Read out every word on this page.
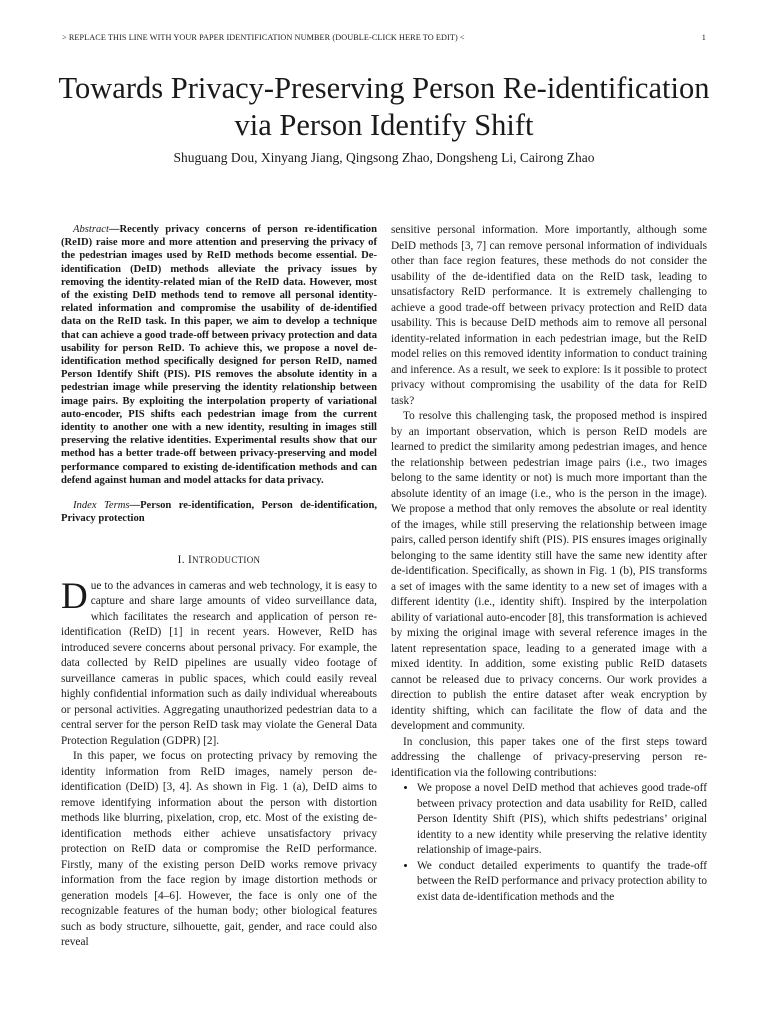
> REPLACE THIS LINE WITH YOUR PAPER IDENTIFICATION NUMBER (DOUBLE-CLICK HERE TO EDIT) <	1
Towards Privacy-Preserving Person Re-identification
via Person Identify Shift
Shuguang Dou, Xinyang Jiang, Qingsong Zhao, Dongsheng Li, Cairong Zhao

Abstract—Recently privacy concerns of person re-identification (ReID) raise more and more attention and preserving the privacy of the pedestrian images used by ReID methods become essential. De-identification (DeID) methods alleviate the privacy issues by removing the identity-related mian of the ReID data. However, most of the existing DeID methods tend to remove all personal identity-related information and compromise the usability of de-identified data on the ReID task. In this paper, we aim to develop a technique that can achieve a good trade-off between privacy protection and data usability for person ReID. To achieve this, we propose a novel de-identification method specifically designed for person ReID, named Person Identify Shift (PIS). PIS removes the absolute identity in a pedestrian image while preserving the identity relationship between image pairs. By exploiting the interpolation property of variational auto-encoder, PIS shifts each pedestrian image from the current identity to another one with a new identity, resulting in images still preserving the relative identities. Experimental results show that our method has a better trade-off between privacy-preserving and model performance compared to existing de-identification methods and can defend against human and model attacks for data privacy.

Index Terms—Person re-identification, Person de-identification, Privacy protection

I. INTRODUCTION

Due to the advances in cameras and web technology, it is easy to capture and share large amounts of video surveillance data, which facilitates the research and application of person re-identification (ReID) [1] in recent years. However, ReID has introduced severe concerns about personal privacy. For example, the data collected by ReID pipelines are usually video footage of surveillance cameras in public spaces, which could easily reveal highly confidential information such as daily individual whereabouts or personal activities. Aggregating unauthorized pedestrian data to a central server for the person ReID task may violate the General Data Protection Regulation (GDPR) [2].

In this paper, we focus on protecting privacy by removing the identity information from ReID images, namely person de-identification (DeID) [3, 4]. As shown in Fig. 1 (a), DeID aims to remove identifying information about the person with distortion methods like blurring, pixelation, crop, etc. Most of the existing de-identification methods either achieve unsatisfactory privacy protection on ReID data or compromise the ReID performance. Firstly, many of the existing person DeID works remove privacy information from the face region by image distortion methods or generation models [4–6]. However, the face is only one of the recognizable features of the human body; other biological features such as body structure, silhouette, gait, gender, and race could also reveal

sensitive personal information. More importantly, although some DeID methods [3, 7] can remove personal information of individuals other than face region features, these methods do not consider the usability of the de-identified data on the ReID task, leading to unsatisfactory ReID performance. It is extremely challenging to achieve a good trade-off between privacy protection and ReID data usability. This is because DeID methods aim to remove all personal identity-related information in each pedestrian image, but the ReID model relies on this removed identity information to conduct training and inference. As a result, we seek to explore: Is it possible to protect privacy without compromising the usability of the data for ReID task?

To resolve this challenging task, the proposed method is inspired by an important observation, which is person ReID models are learned to predict the similarity among pedestrian images, and hence the relationship between pedestrian image pairs (i.e., two images belong to the same identity or not) is much more important than the absolute identity of an image (i.e., who is the person in the image). We propose a method that only removes the absolute or real identity of the images, while still preserving the relationship between image pairs, called person identify shift (PIS). PIS ensures images originally belonging to the same identity still have the same new identity after de-identification. Specifically, as shown in Fig. 1 (b), PIS transforms a set of images with the same identity to a new set of images with a different identity (i.e., identity shift). Inspired by the interpolation ability of variational auto-encoder [8], this transformation is achieved by mixing the original image with several reference images in the latent representation space, leading to a generated image with a mixed identity. In addition, some existing public ReID datasets cannot be released due to privacy concerns. Our work provides a direction to publish the entire dataset after weak encryption by identity shifting, which can facilitate the flow of data and the development and community.

In conclusion, this paper takes one of the first steps toward addressing the challenge of privacy-preserving person re-identification via the following contributions:

• We propose a novel DeID method that achieves good trade-off between privacy protection and data usability for ReID, called Person Identity Shift (PIS), which shifts pedestrians’ original identity to a new identity while preserving the relative identity relationship of image-pairs.
• We conduct detailed experiments to quantify the trade-off between the ReID performance and privacy protection ability to exist data de-identification methods and the
